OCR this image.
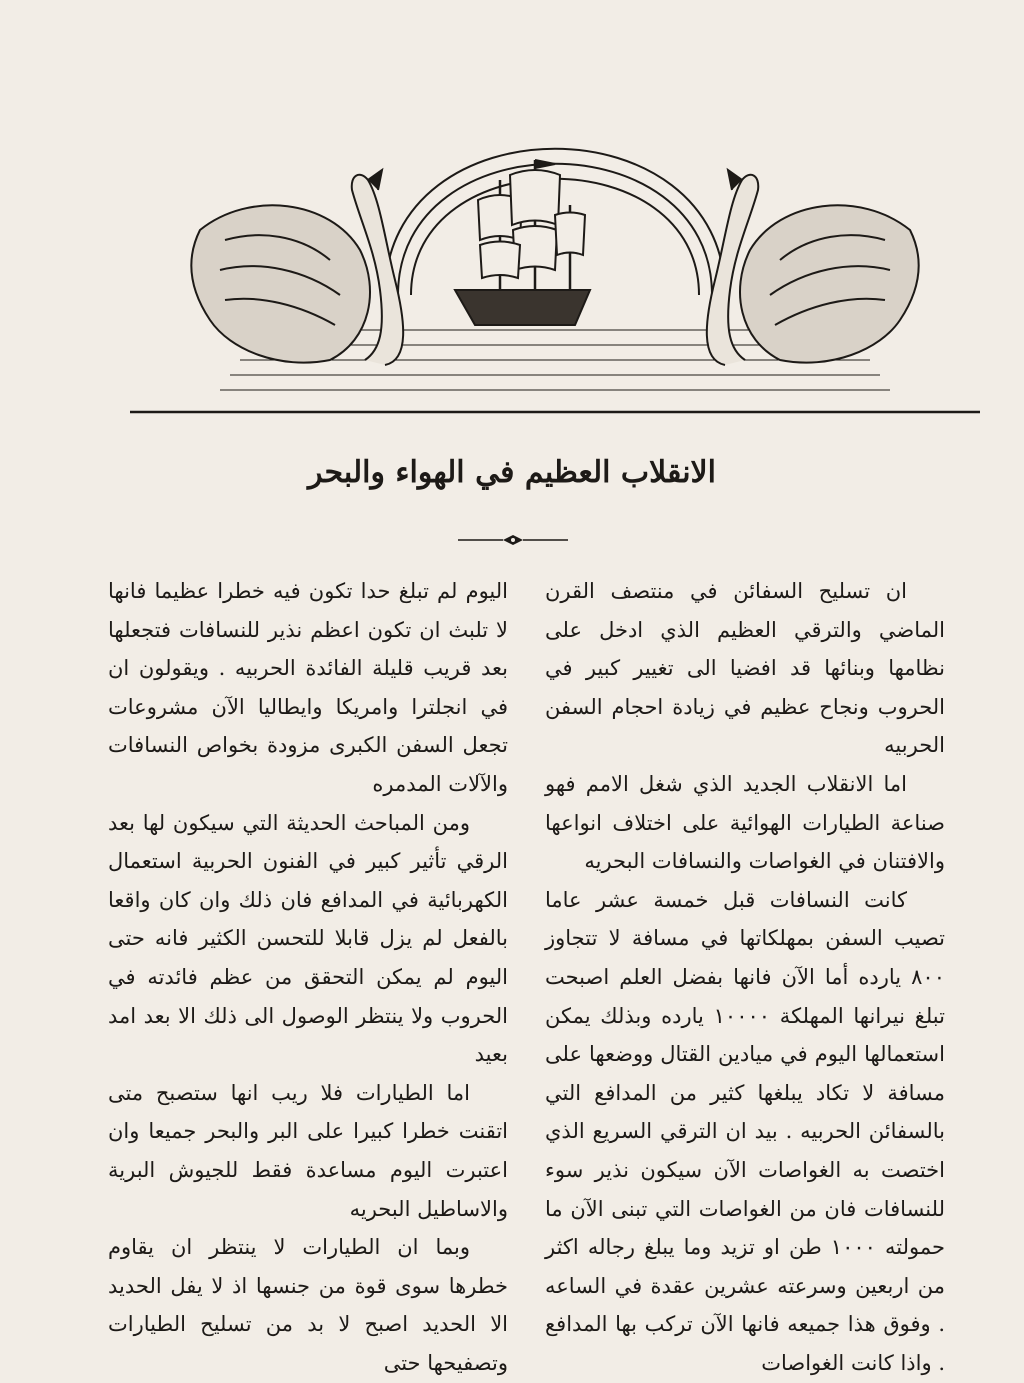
الانقلاب العظيم في الهواء والبحر

ان تسليح السفائن في منتصف القرن الماضي والترقي العظيم الذي ادخل على نظامها وبنائها قد افضيا الى تغيير كبير في الحروب ونجاح عظيم في زيادة احجام السفن الحربيه

اما الانقلاب الجديد الذي شغل الامم فهو صناعة الطيارات الهوائية على اختلاف انواعها والافتنان في الغواصات والنسافات البحريه

كانت النسافات قبل خمسة عشر عاما تصيب السفن بمهلكاتها في مسافة لا تتجاوز ٨٠٠ يارده أما الآن فانها بفضل العلم اصبحت تبلغ نيرانها المهلكة ١٠٠٠٠ يارده وبذلك يمكن استعمالها اليوم في ميادين القتال ووضعها على مسافة لا تكاد يبلغها كثير من المدافع التي بالسفائن الحربيه . بيد ان الترقي السريع الذي اختصت به الغواصات الآن سيكون نذير سوء للنسافات فان من الغواصات التي تبنى الآن ما حمولته ١٠٠٠ طن او تزيد وما يبلغ رجاله اكثر من اربعين وسرعته عشرين عقدة في الساعه . وفوق هذا جميعه فانها الآن تركب بها المدافع . واذا كانت الغواصات

اليوم لم تبلغ حدا تكون فيه خطرا عظيما فانها لا تلبث ان تكون اعظم نذير للنسافات فتجعلها بعد قريب قليلة الفائدة الحربيه . ويقولون ان في انجلترا وامريكا وايطاليا الآن مشروعات تجعل السفن الكبرى مزودة بخواص النسافات والآلات المدمره

ومن المباحث الحديثة التي سيكون لها بعد الرقي تأثير كبير في الفنون الحربية استعمال الكهربائية في المدافع فان ذلك وان كان واقعا بالفعل لم يزل قابلا للتحسن الكثير فانه حتى اليوم لم يمكن التحقق من عظم فائدته في الحروب ولا ينتظر الوصول الى ذلك الا بعد امد بعيد

اما الطيارات فلا ريب انها ستصبح متى اتقنت خطرا كبيرا على البر والبحر جميعا وان اعتبرت اليوم مساعدة فقط للجيوش البرية والاساطيل البحريه

وبما ان الطيارات لا ينتظر ان يقاوم خطرها سوى قوة من جنسها اذ لا يفل الحديد الا الحديد اصبح لا بد من تسليح الطيارات وتصفيحها حتى
